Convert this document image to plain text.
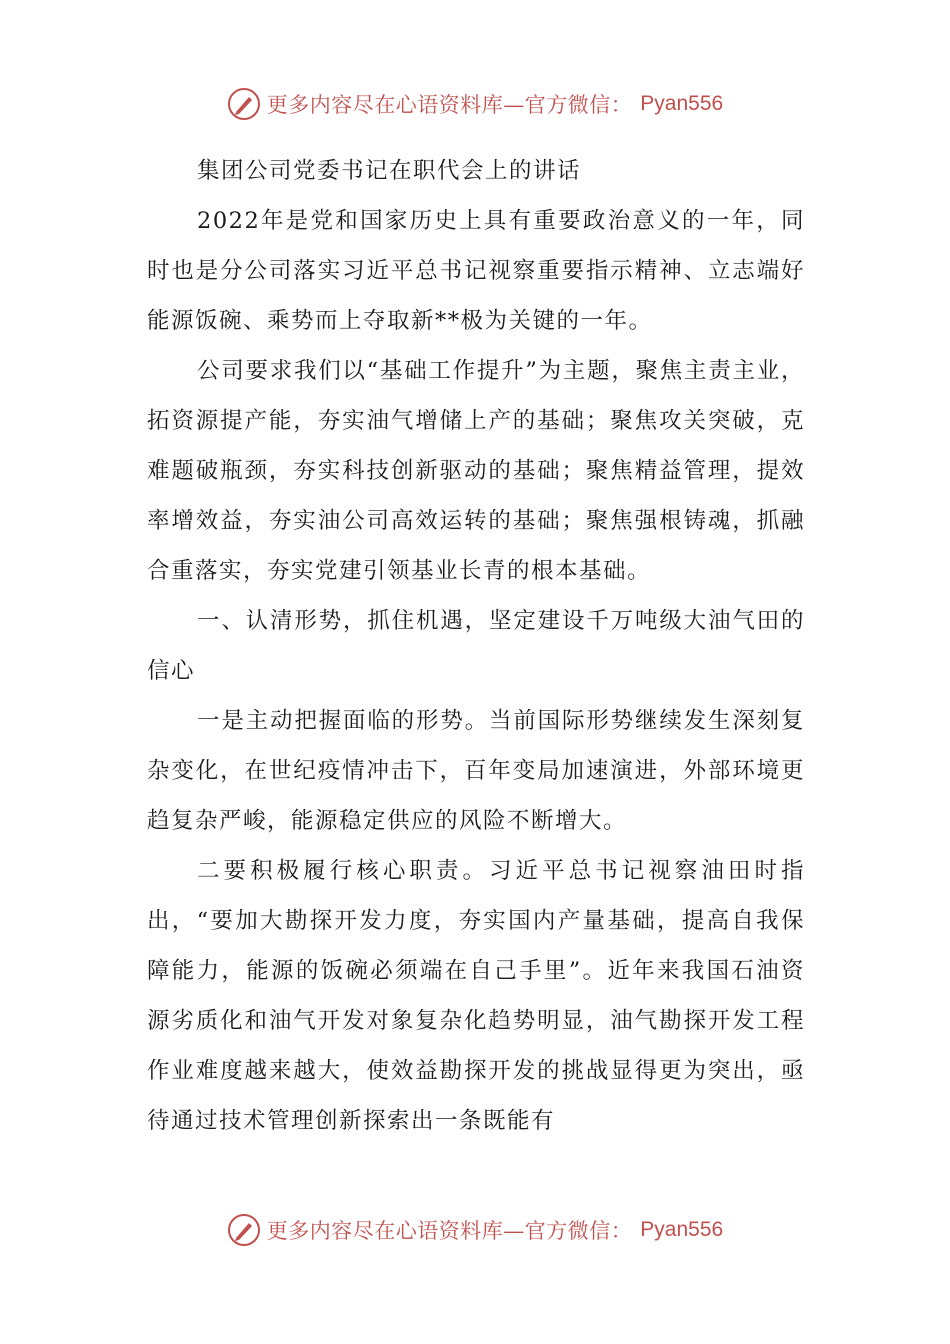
更多内容尽在心语资料库—官方微信： Pyan556

集团公司党委书记在职代会上的讲话

2022年是党和国家历史上具有重要政治意义的一年，同时也是分公司落实习近平总书记视察重要指示精神、立志端好能源饭碗、乘势而上夺取新**极为关键的一年。

公司要求我们以“基础工作提升”为主题，聚焦主责主业，拓资源提产能，夯实油气增储上产的基础；聚焦攻关突破，克难题破瓶颈，夯实科技创新驱动的基础；聚焦精益管理，提效率增效益，夯实油公司高效运转的基础；聚焦强根铸魂，抓融合重落实，夯实党建引领基业长青的根本基础。

一、认清形势，抓住机遇，坚定建设千万吨级大油气田的信心

一是主动把握面临的形势。当前国际形势继续发生深刻复杂变化，在世纪疫情冲击下，百年变局加速演进，外部环境更趋复杂严峻，能源稳定供应的风险不断增大。

二要积极履行核心职责。习近平总书记视察油田时指出，“要加大勘探开发力度，夯实国内产量基础，提高自我保障能力，能源的饭碗必须端在自己手里”。近年来我国石油资源劣质化和油气开发对象复杂化趋势明显，油气勘探开发工程作业难度越来越大，使效益勘探开发的挑战显得更为突出，亟待通过技术管理创新探索出一条既能有

更多内容尽在心语资料库—官方微信： Pyan556
